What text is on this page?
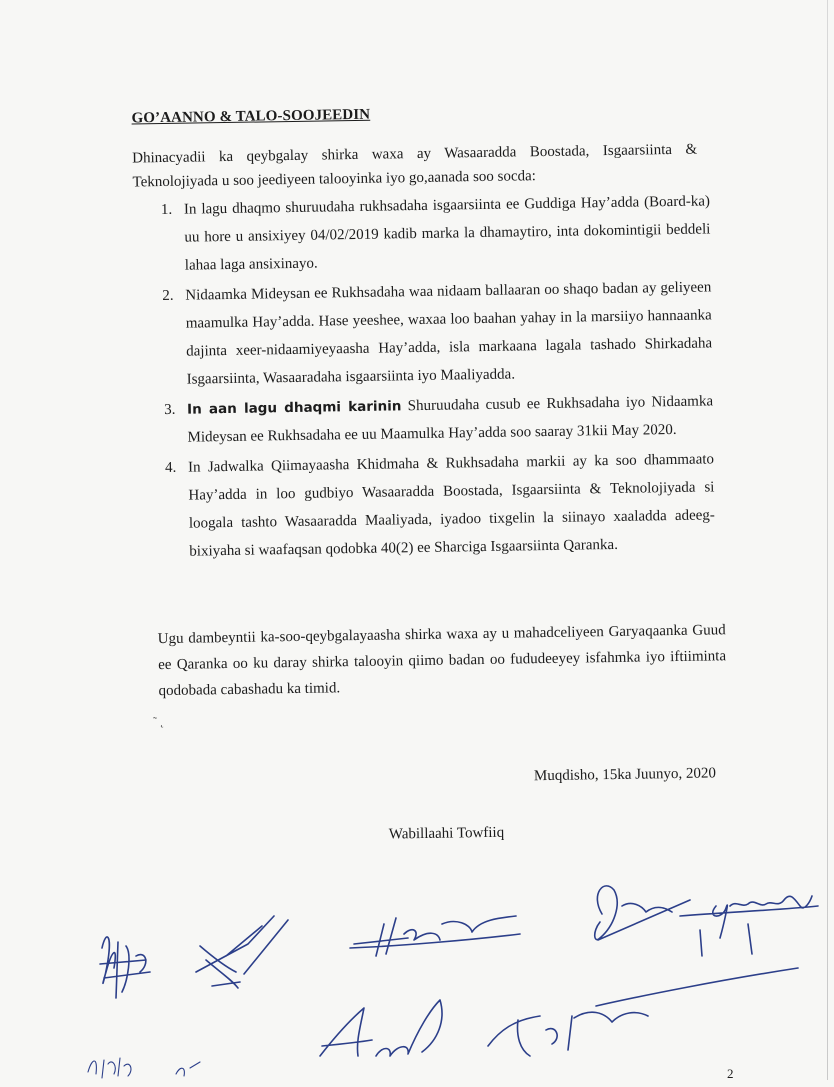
GO’AANNO & TALO-SOOJEEDIN
Dhinacyadii ka qeybgalay shirka waxa ay Wasaaradda Boostada, Isgaarsiinta & Teknolojiyada u soo jeediyeen talooyinka iyo go,aanada soo socda:
1. In lagu dhaqmo shuruudaha rukhsadaha isgaarsiinta ee Guddiga Hay’adda (Board-ka) uu hore u ansixiyey 04/02/2019 kadib marka la dhamaytiro, inta dokomintigii beddeli lahaa laga ansixinayo.
2. Nidaamka Mideysan ee Rukhsadaha waa nidaam ballaaran oo shaqo badan ay geliyeen maamulka Hay’adda. Hase yeeshee, waxaa loo baahan yahay in la marsiiyo hannaanka dajinta xeer-nidaamiyeyaasha Hay’adda, isla markaana lagala tashado Shirkadaha Isgaarsiinta, Wasaaradaha isgaarsiinta iyo Maaliyadda.
3. In aan lagu dhaqmi karinin Shuruudaha cusub ee Rukhsadaha iyo Nidaamka Mideysan ee Rukhsadaha ee uu Maamulka Hay’adda soo saaray 31kii May 2020.
4. In Jadwalka Qiimayaasha Khidmaha & Rukhsadaha markii ay ka soo dhammaato Hay’adda in loo gudbiyo Wasaaradda Boostada, Isgaarsiinta & Teknolojiyada si loogala tashto Wasaaradda Maaliyada, iyadoo tixgelin la siinayo xaaladda adeeg-bixiyaha si waafaqsan qodobka 40(2) ee Sharciga Isgaarsiinta Qaranka.
Ugu dambeyntii ka-soo-qeybgalayaasha shirka waxa ay u mahadceliyeen Garyaqaanka Guud ee Qaranka oo ku daray shirka talooyin qiimo badan oo fududeeyey isfahmka iyo iftiiminta qodobada cabashadu ka timid.
˜ ˛
Muqdisho, 15ka Juunyo, 2020
Wabillaahi Towfiiq
2
